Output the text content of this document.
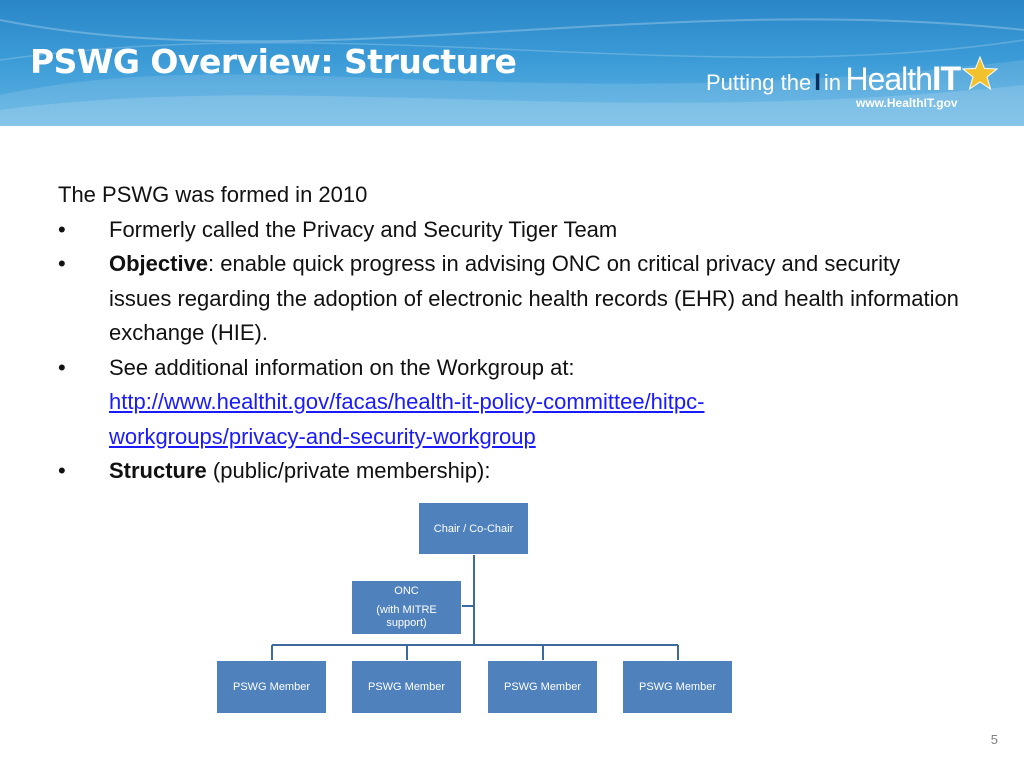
PSWG Overview: Structure
Putting the I in HealthIT
www.HealthIT.gov

The PSWG was formed in 2010

• Formerly called the Privacy and Security Tiger Team
• Objective: enable quick progress in advising ONC on critical privacy and security issues regarding the adoption of electronic health records (EHR) and health information exchange (HIE).
• See additional information on the Workgroup at:
http://www.healthit.gov/facas/health-it-policy-committee/hitpc-
workgroups/privacy-and-security-workgroup
• Structure (public/private membership):
Chair / Co-Chair
ONC
(with MITRE
support)
PSWG Member	PSWG Member	PSWG Member	PSWG Member
5
